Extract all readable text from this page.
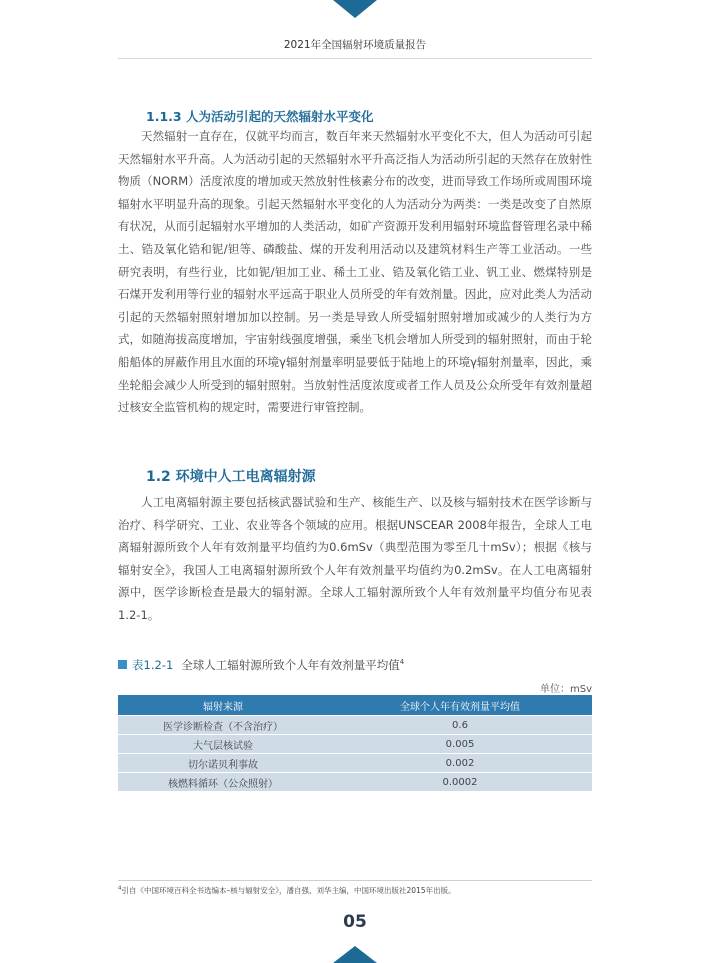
2021年全国辐射环境质量报告
1.1.3 人为活动引起的天然辐射水平变化

天然辐射一直存在，仅就平均而言，数百年来天然辐射水平变化不大，但人为活动可引起天然辐射水平升高。人为活动引起的天然辐射水平升高泛指人为活动所引起的天然存在放射性物质（NORM）活度浓度的增加或天然放射性核素分布的改变，进而导致工作场所或周围环境辐射水平明显升高的现象。引起天然辐射水平变化的人为活动分为两类：一类是改变了自然原有状况，从而引起辐射水平增加的人类活动，如矿产资源开发利用辐射环境监督管理名录中稀土、锆及氧化锆和铌/钽等、磷酸盐、煤的开发利用活动以及建筑材料生产等工业活动。一些研究表明，有些行业，比如铌/钽加工业、稀土工业、锆及氧化锆工业、钒工业、燃煤特别是石煤开发利用等行业的辐射水平远高于职业人员所受的年有效剂量。因此，应对此类人为活动引起的天然辐射照射增加加以控制。另一类是导致人所受辐射照射增加或减少的人类行为方式，如随海拔高度增加，宇宙射线强度增强，乘坐飞机会增加人所受到的辐射照射，而由于轮船船体的屏蔽作用且水面的环境γ辐射剂量率明显要低于陆地上的环境γ辐射剂量率，因此，乘坐轮船会减少人所受到的辐射照射。当放射性活度浓度或者工作人员及公众所受年有效剂量超过核安全监管机构的规定时，需要进行审管控制。

1.2 环境中人工电离辐射源

人工电离辐射源主要包括核武器试验和生产、核能生产、以及核与辐射技术在医学诊断与治疗、科学研究、工业、农业等各个领域的应用。根据UNSCEAR 2008年报告，全球人工电离辐射源所致个人年有效剂量平均值约为0.6mSv（典型范围为零至几十mSv）；根据《核与辐射安全》，我国人工电离辐射源所致个人年有效剂量平均值约为0.2mSv。在人工电离辐射源中，医学诊断检查是最大的辐射源。全球人工辐射源所致个人年有效剂量平均值分布见表1.2-1。

表1.2-1 全球人工辐射源所致个人年有效剂量平均值$^4$
单位：mSv
辐射来源	全球个人年有效剂量平均值
医学诊断检查（不含治疗）	0.6
大气层核试验	0.005
切尔诺贝利事故	0.002
核燃料循环（公众照射）	0.0002
$^4$引自《中国环境百科全书选编本–核与辐射安全》，潘自强、刘华主编，中国环境出版社2015年出版。
05
